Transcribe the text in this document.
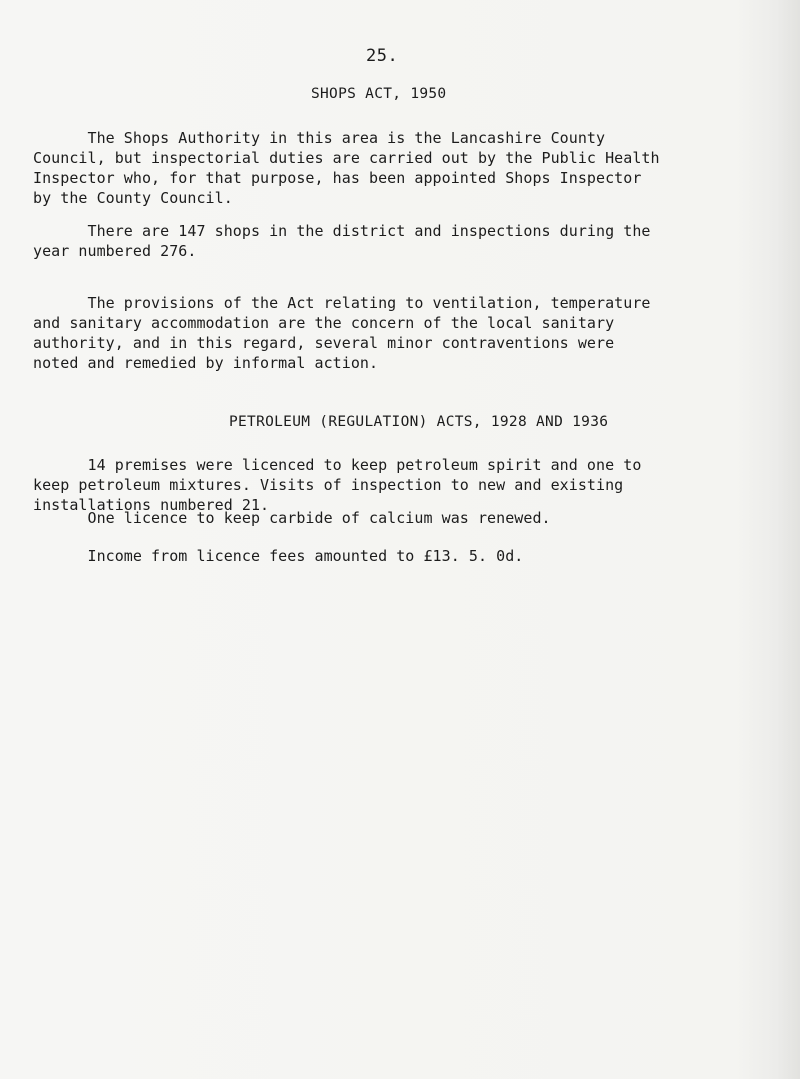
25.
SHOPS ACT, 1950
The Shops Authority in this area is the Lancashire County
Council, but inspectorial duties are carried out by the Public Health
Inspector who, for that purpose, has been appointed Shops Inspector
by the County Council.
There are 147 shops in the district and inspections during the
year numbered 276.
The provisions of the Act relating to ventilation, temperature
and sanitary accommodation are the concern of the local sanitary
authority, and in this regard, several minor contraventions were
noted and remedied by informal action.
PETROLEUM (REGULATION) ACTS, 1928 AND 1936
14 premises were licenced to keep petroleum spirit and one to
keep petroleum mixtures. Visits of inspection to new and existing
installations numbered 21.
One licence to keep carbide of calcium was renewed.
Income from licence fees amounted to £13. 5. 0d.
